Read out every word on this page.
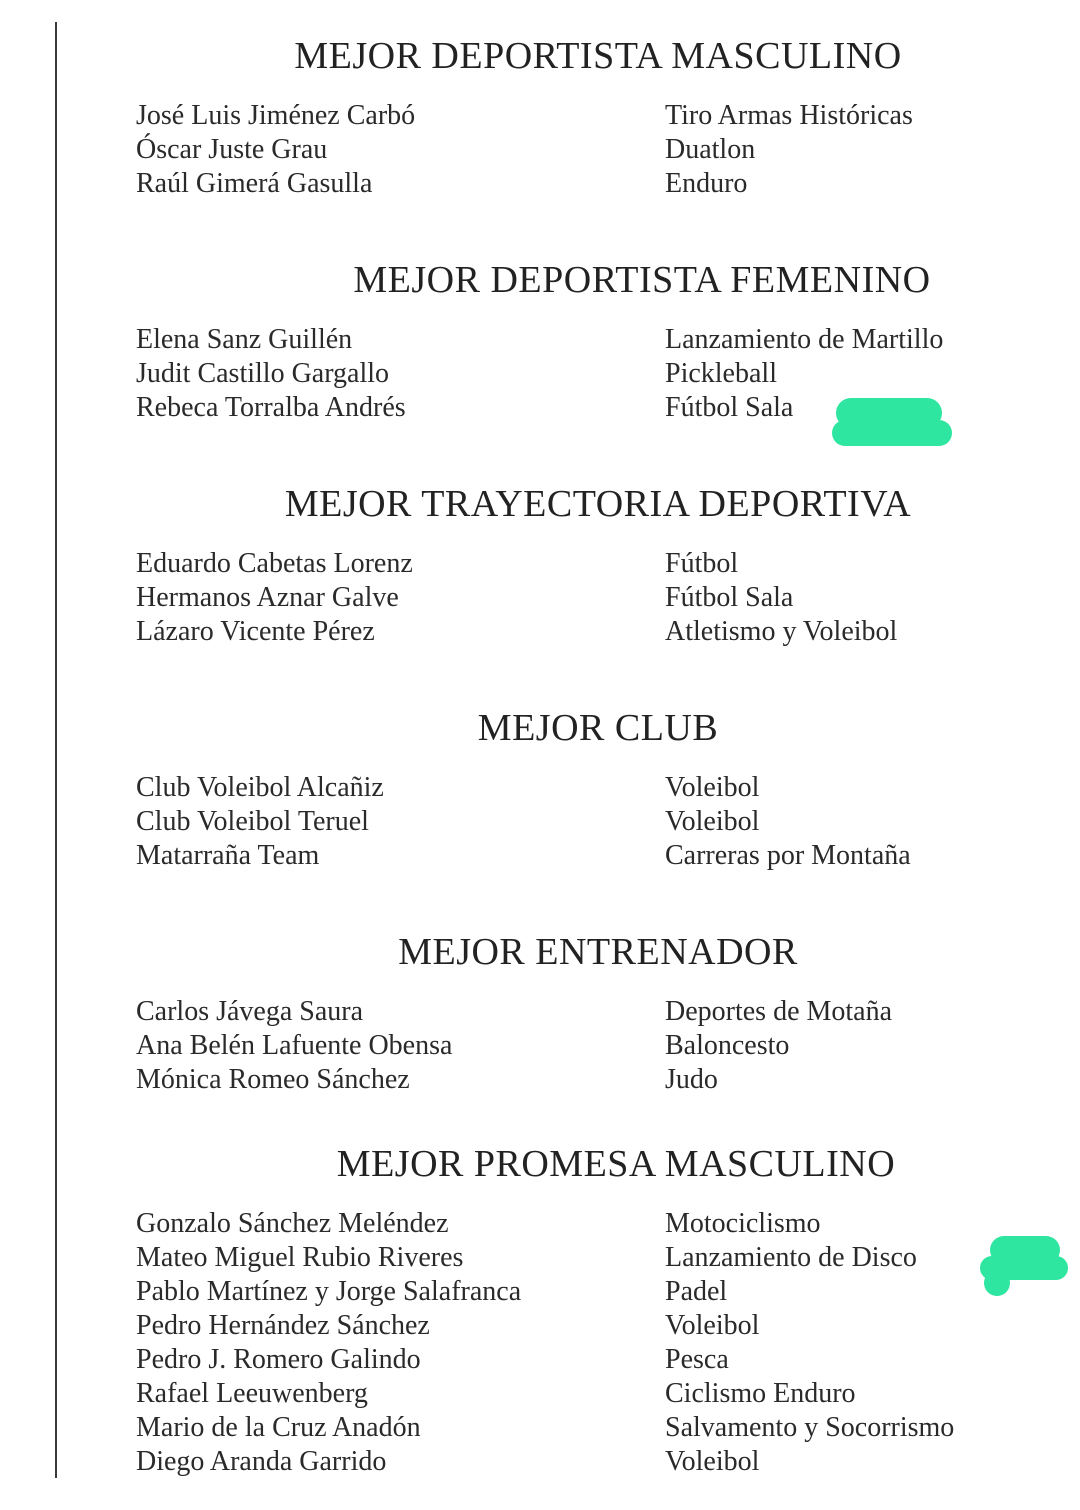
MEJOR DEPORTISTA MASCULINO
José Luis Jiménez Carbó	Tiro Armas Históricas
Óscar Juste Grau	Duatlon
Raúl Gimerá Gasulla	Enduro
MEJOR DEPORTISTA FEMENINO
Elena Sanz Guillén	Lanzamiento de Martillo
Judit Castillo Gargallo	Pickleball
Rebeca Torralba Andrés	Fútbol Sala
MEJOR TRAYECTORIA DEPORTIVA
Eduardo Cabetas Lorenz	Fútbol
Hermanos Aznar Galve	Fútbol Sala
Lázaro Vicente Pérez	Atletismo y Voleibol
MEJOR CLUB
Club Voleibol Alcañiz	Voleibol
Club Voleibol Teruel	Voleibol
Matarraña Team	Carreras por Montaña
MEJOR ENTRENADOR
Carlos Jávega Saura	Deportes de Motaña
Ana Belén Lafuente Obensa	Baloncesto
Mónica Romeo Sánchez	Judo
MEJOR PROMESA MASCULINO
Gonzalo Sánchez Meléndez	Motociclismo
Mateo Miguel Rubio Riveres	Lanzamiento de Disco
Pablo Martínez y Jorge Salafranca	Padel
Pedro Hernández Sánchez	Voleibol
Pedro J. Romero Galindo	Pesca
Rafael Leeuwenberg	Ciclismo Enduro
Mario de la Cruz Anadón	Salvamento y Socorrismo
Diego Aranda Garrido	Voleibol
